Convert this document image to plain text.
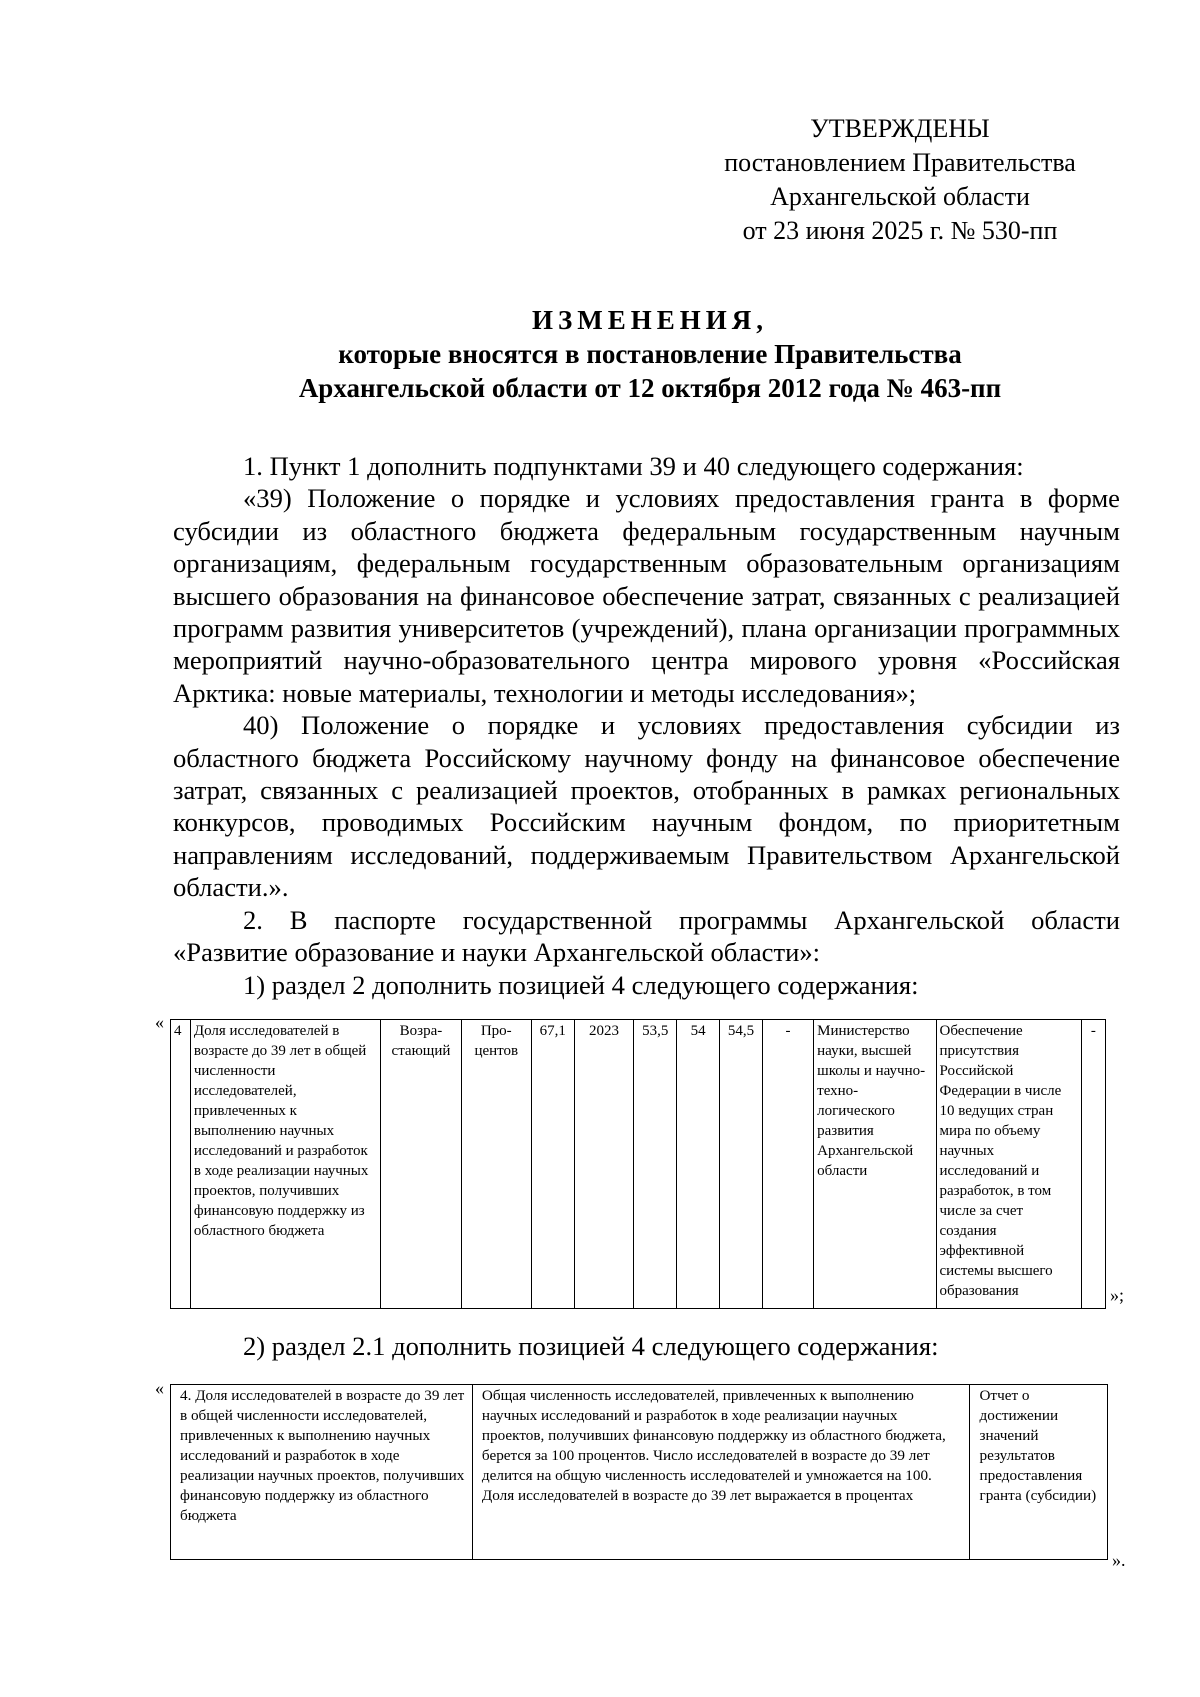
УТВЕРЖДЕНЫ
постановлением Правительства
Архангельской области
от 23 июня 2025 г. № 530-пп
ИЗМЕНЕНИЯ,
которые вносятся в постановление Правительства
Архангельской области от 12 октября 2012 года № 463-пп

1. Пункт 1 дополнить подпунктами 39 и 40 следующего содержания:

«39) Положение о порядке и условиях предоставления гранта в форме субсидии из областного бюджета федеральным государственным научным организациям, федеральным государственным образовательным организациям высшего образования на финансовое обеспечение затрат, связанных с реализацией программ развития университетов (учреждений), плана организации программных мероприятий научно-образовательного центра мирового уровня «Российская Арктика: новые материалы, технологии и методы исследования»;

40) Положение о порядке и условиях предоставления субсидии из областного бюджета Российскому научному фонду на финансовое обеспечение затрат, связанных с реализацией проектов, отобранных в рамках региональных конкурсов, проводимых Российским научным фондом, по приоритетным направлениям исследований, поддерживаемым Правительством Архангельской области.».

2. В паспорте государственной программы Архангельской области «Развитие образование и науки Архангельской области»:

1) раздел 2 дополнить позицией 4 следующего содержания:

« 4	Доля исследователей в возрасте до 39 лет в общей численности исследователей, привлеченных к выполнению научных исследований и разработок в ходе реализации научных проектов, получивших финансовую поддержку из областного бюджета	Возра-стающий	Про-центов	67,1	2023	53,5	54	54,5	-	Министерство науки, высшей школы и научно-техно-логического развития Архангельской области	Обеспечение присутствия Российской Федерации в числе 10 ведущих стран мира по объему научных исследований и разработок, в том числе за счет создания эффективной системы высшего образования	-
»;
2) раздел 2.1 дополнить позицией 4 следующего содержания:
« 4. Доля исследователей в возрасте до 39 лет в общей численности исследователей, привлеченных к выполнению научных исследований и разработок в ходе реализации научных проектов, получивших финансовую поддержку из областного бюджета	Общая численность исследователей, привлеченных к выполнению научных исследований и разработок в ходе реализации научных проектов, получивших финансовую поддержку из областного бюджета, берется за 100 процентов. Число исследователей в возрасте до 39 лет делится на общую численность исследователей и умножается на 100. Доля исследователей в возрасте до 39 лет выражается в процентах	Отчет о достижении значений результатов предоставления гранта (субсидии)
».
